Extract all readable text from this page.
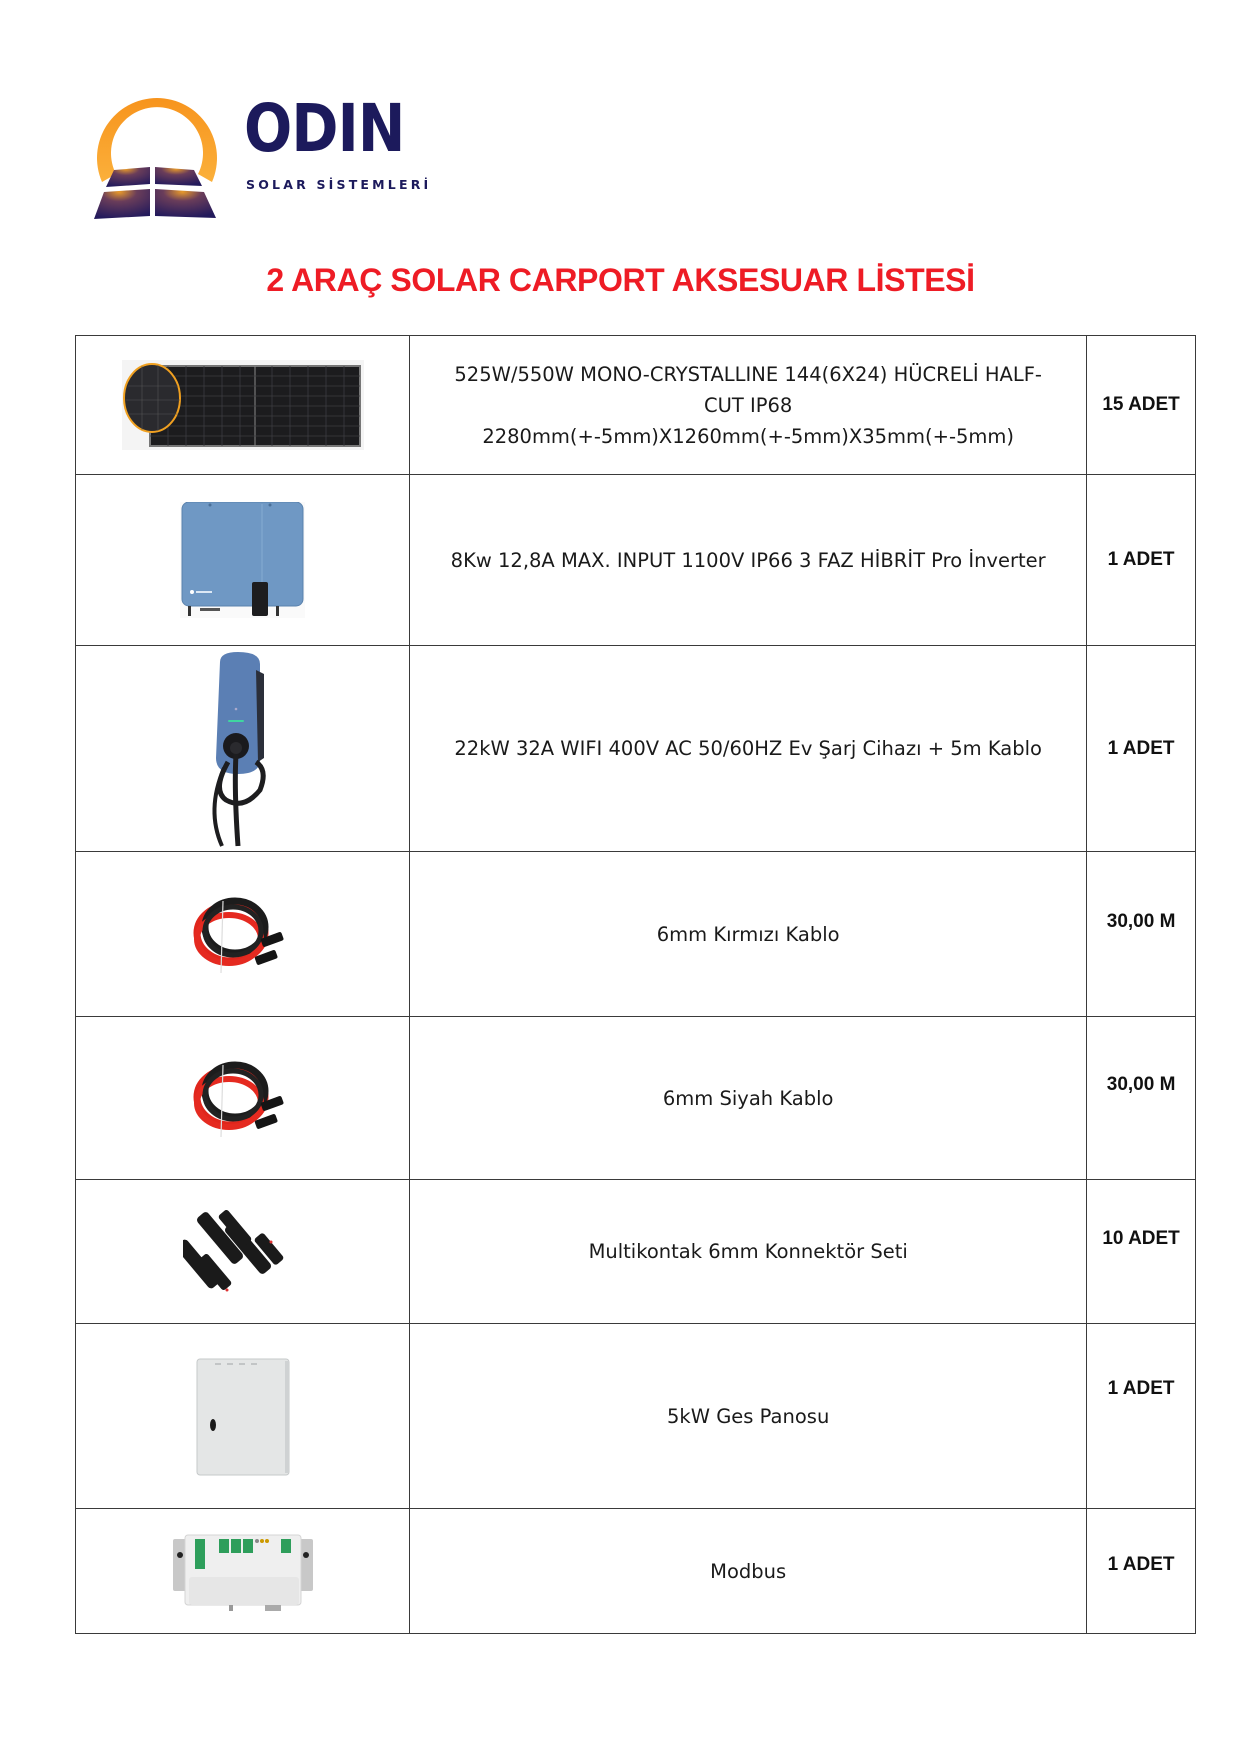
ODIN
SOLAR SİSTEMLERİ
2 ARAÇ SOLAR CARPORT AKSESUAR LİSTESİ
	525W/550W MONO-CRYSTALLINE 144(6X24) HÜCRELİ HALF-CUT IP68 2280mm(+-5mm)X1260mm(+-5mm)X35mm(+-5mm)	15 ADET
	8Kw 12,8A MAX. INPUT 1100V IP66 3 FAZ HİBRİT Pro İnverter	1 ADET
	22kW 32A WIFI 400V AC 50/60HZ Ev Şarj Cihazı + 5m Kablo	1 ADET
	6mm Kırmızı Kablo	30,00 M

	6mm Siyah Kablo	30,00 M

	Multikontak 6mm Konnektör Seti	10 ADET

	5kW Ges Panosu	1 ADET

	Modbus	1 ADET
